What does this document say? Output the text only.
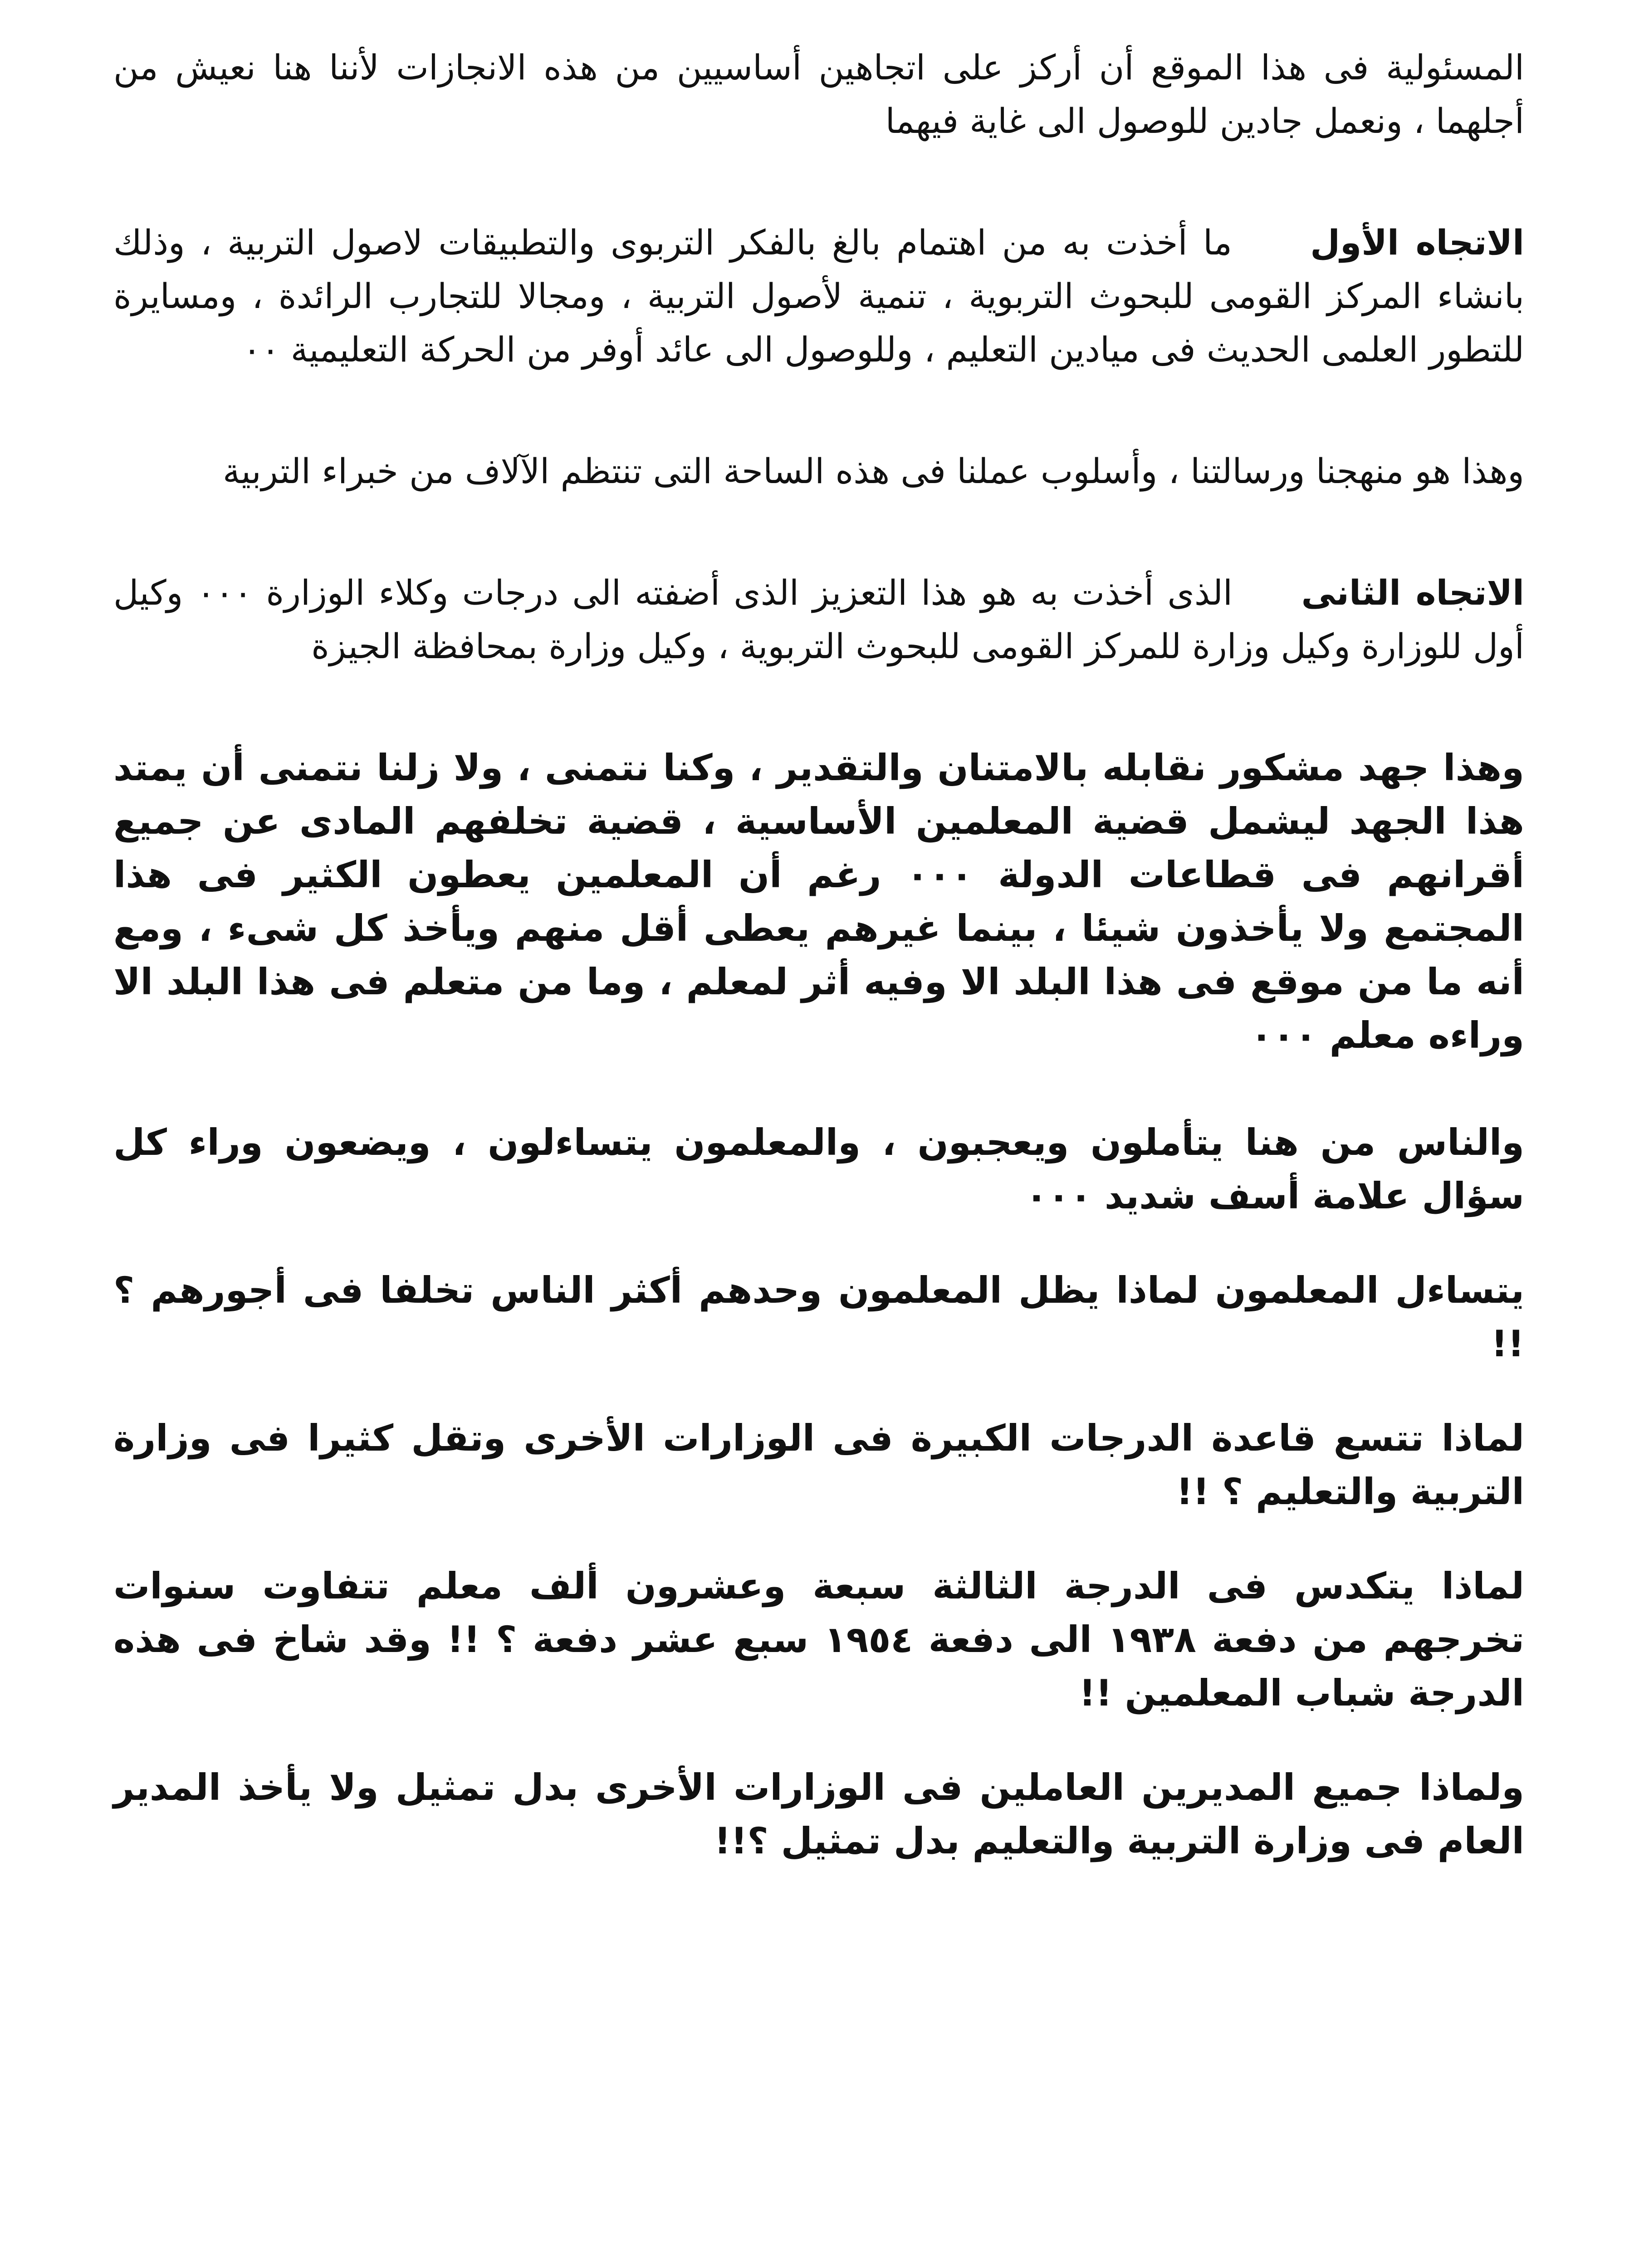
المسئولية فى هذا الموقع أن أركز على اتجاهين أساسيين من هذه الانجازات لأننا هنا نعيش من أجلهما ، ونعمل جادين للوصول الى غاية فيهما

الاتجاه الأول     ما أخذت به من اهتمام بالغ بالفكر التربوى والتطبيقات لاصول التربية ، وذلك بانشاء المركز القومى للبحوث التربوية ، تنمية لأصول التربية ، ومجالا للتجارب الرائدة ، ومسايرة للتطور العلمى الحديث فى ميادين التعليم ، وللوصول الى عائد أوفر من الحركة التعليمية ٠٠

وهذا هو منهجنا ورسالتنا ، وأسلوب عملنا فى هذه الساحة التى تنتظم الآلاف من خبراء التربية

الاتجاه الثانى     الذى أخذت به هو هذا التعزيز الذى أضفته الى درجات وكلاء الوزارة ٠٠٠ وكيل أول للوزارة وكيل وزارة للمركز القومى للبحوث التربوية ، وكيل وزارة بمحافظة الجيزة

وهذا جهد مشكور نقابله بالامتنان والتقدير ، وكنا نتمنى ، ولا زلنا نتمنى أن يمتد هذا الجهد ليشمل قضية المعلمين الأساسية ، قضية تخلفهم المادى عن جميع أقرانهم فى قطاعات الدولة ٠٠٠ رغم أن المعلمين يعطون الكثير فى هذا المجتمع ولا يأخذون شيئا ، بينما غيرهم يعطى أقل منهم ويأخذ كل شىء ، ومع أنه ما من موقع فى هذا البلد الا وفيه أثر لمعلم ، وما من متعلم فى هذا البلد الا وراءه معلم ٠٠٠

والناس من هنا يتأملون ويعجبون ، والمعلمون يتساءلون ، ويضعون وراء كل سؤال علامة أسف شديد ٠٠٠

يتساءل المعلمون لماذا يظل المعلمون وحدهم أكثر الناس تخلفا فى أجورهم ؟ !!

لماذا تتسع قاعدة الدرجات الكبيرة فى الوزارات الأخرى وتقل كثيرا فى وزارة التربية والتعليم ؟ !!

لماذا يتكدس فى الدرجة الثالثة سبعة وعشرون ألف معلم تتفاوت سنوات تخرجهم من دفعة ١٩٣٨ الى دفعة ١٩٥٤ سبع عشر دفعة ؟ !! وقد شاخ فى هذه الدرجة شباب المعلمين !!

ولماذا جميع المديرين العاملين فى الوزارات الأخرى بدل تمثيل ولا يأخذ المدير العام فى وزارة التربية والتعليم بدل تمثيل ؟!!
